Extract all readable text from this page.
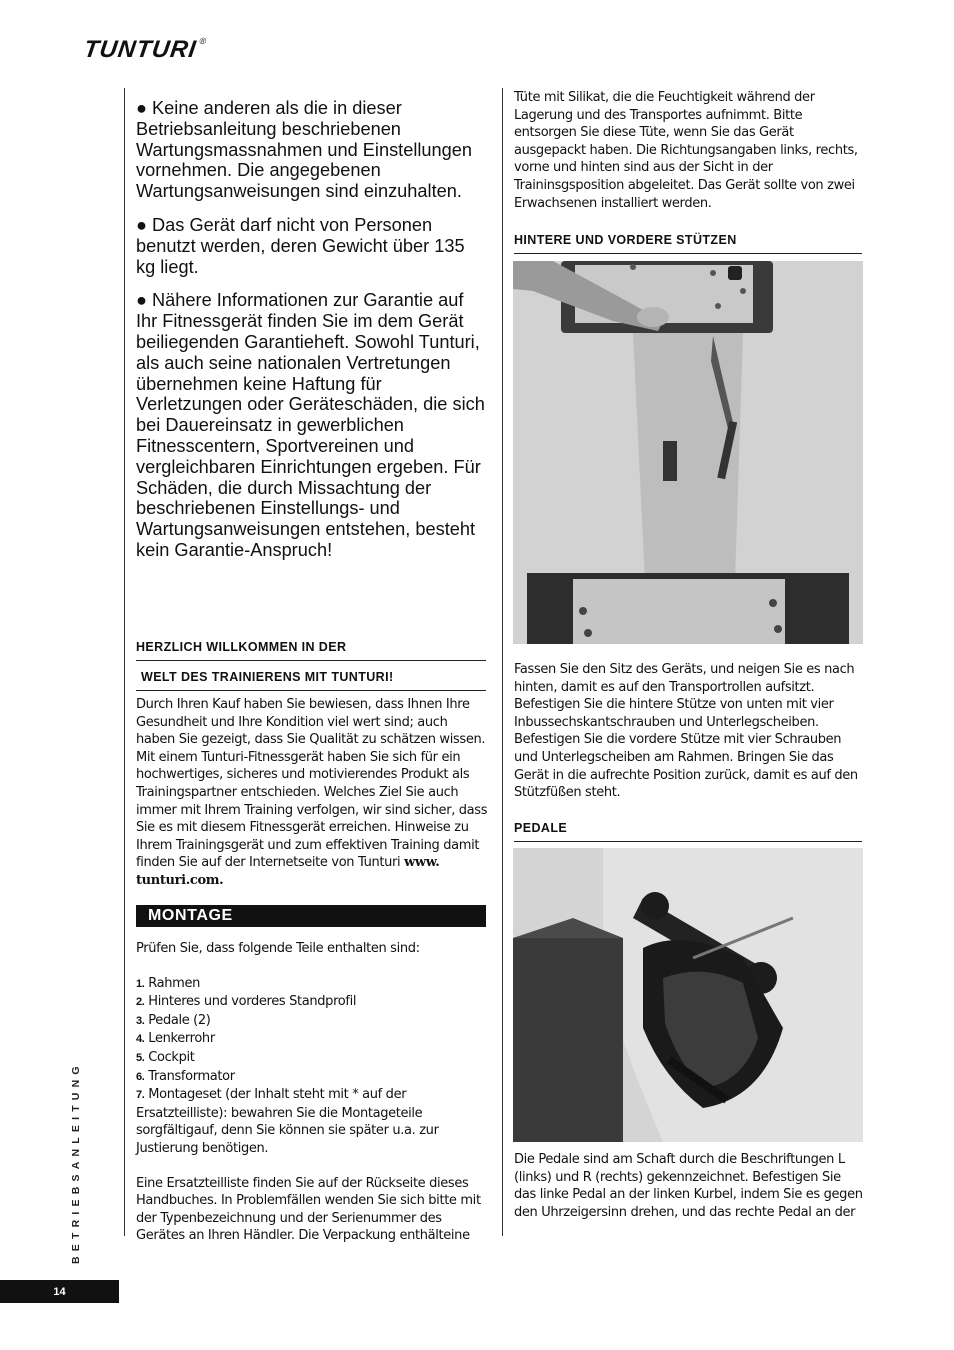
TUNTURI®

● Keine anderen als die in dieser Betriebsanleitung beschriebenen Wartungsmassnahmen und Einstellungen vornehmen. Die angegebenen Wartungsanweisungen sind einzuhalten.

● Das Gerät darf nicht von Personen benutzt werden, deren Gewicht über 135 kg liegt.

● Nähere Informationen zur Garantie auf Ihr Fitnessgerät finden Sie im dem Gerät beiliegenden Garantieheft. Sowohl Tunturi, als auch seine nationalen Vertretungen übernehmen keine Haftung für Verletzungen oder Geräteschäden, die sich bei Dauereinsatz in gewerblichen Fitnesscentern, Sportvereinen und vergleichbaren Einrichtungen ergeben. Für Schäden, die durch Missachtung der beschriebenen Einstellungs- und Wartungsanweisungen entstehen, besteht kein Garantie-Anspruch!

HERZLICH WILLKOMMEN IN DER
WELT DES TRAINIERENS MIT TUNTURI!

Durch Ihren Kauf haben Sie bewiesen, dass Ihnen Ihre Gesundheit und Ihre Kondition viel wert sind; auch haben Sie gezeigt, dass Sie Qualität zu schätzen wissen. Mit einem Tunturi-Fitnessgerät haben Sie sich für ein hochwertiges, sicheres und motivierendes Produkt als Trainingspartner entschieden. Welches Ziel Sie auch immer mit Ihrem Training verfolgen, wir sind sicher, dass Sie es mit diesem Fitnessgerät erreichen. Hinweise zu Ihrem Trainingsgerät und zum effektiven Training damit finden Sie auf der Internetseite von Tunturi www. tunturi.com.

MONTAGE

Prüfen Sie, dass folgende Teile enthalten sind:

1. Rahmen

2. Hinteres und vorderes Standprofil

3. Pedale (2)

4. Lenkerrohr

5. Cockpit

6. Transformator

7. Montageset (der Inhalt steht mit * auf der Ersatzteilliste): bewahren Sie die Montageteile sorgfältigauf, denn Sie können sie später u.a. zur Justierung benötigen.

Eine Ersatzteilliste finden Sie auf der Rückseite dieses Handbuches. In Problemfällen wenden Sie sich bitte mit der Typenbezeichnung und der Serienummer des Gerätes an Ihren Händler. Die Verpackung enthälteine

Tüte mit Silikat, die die Feuchtigkeit während der Lagerung und des Transportes aufnimmt. Bitte entsorgen Sie diese Tüte, wenn Sie das Gerät ausgepackt haben. Die Richtungsangaben links, rechts, vorne und hinten sind aus der Sicht in der Traininsgsposition abgeleitet. Das Gerät sollte von zwei Erwachsenen installiert werden.

HINTERE UND VORDERE STÜTZEN

Fassen Sie den Sitz des Geräts, und neigen Sie es nach hinten, damit es auf den Transportrollen aufsitzt. Befestigen Sie die hintere Stütze von unten mit vier Inbussechskantschrauben und Unterlegscheiben. Befestigen Sie die vordere Stütze mit vier Schrauben und Unterlegscheiben am Rahmen. Bringen Sie das Gerät in die aufrechte Position zurück, damit es auf den Stützfüßen steht.

PEDALE

Die Pedale sind am Schaft durch die Beschriftungen L (links) und R (rechts) gekennzeichnet. Befestigen Sie das linke Pedal an der linken Kurbel, indem Sie es gegen den Uhrzeigersinn drehen, und das rechte Pedal an der

BETRIEBSANLEITUNG
14
